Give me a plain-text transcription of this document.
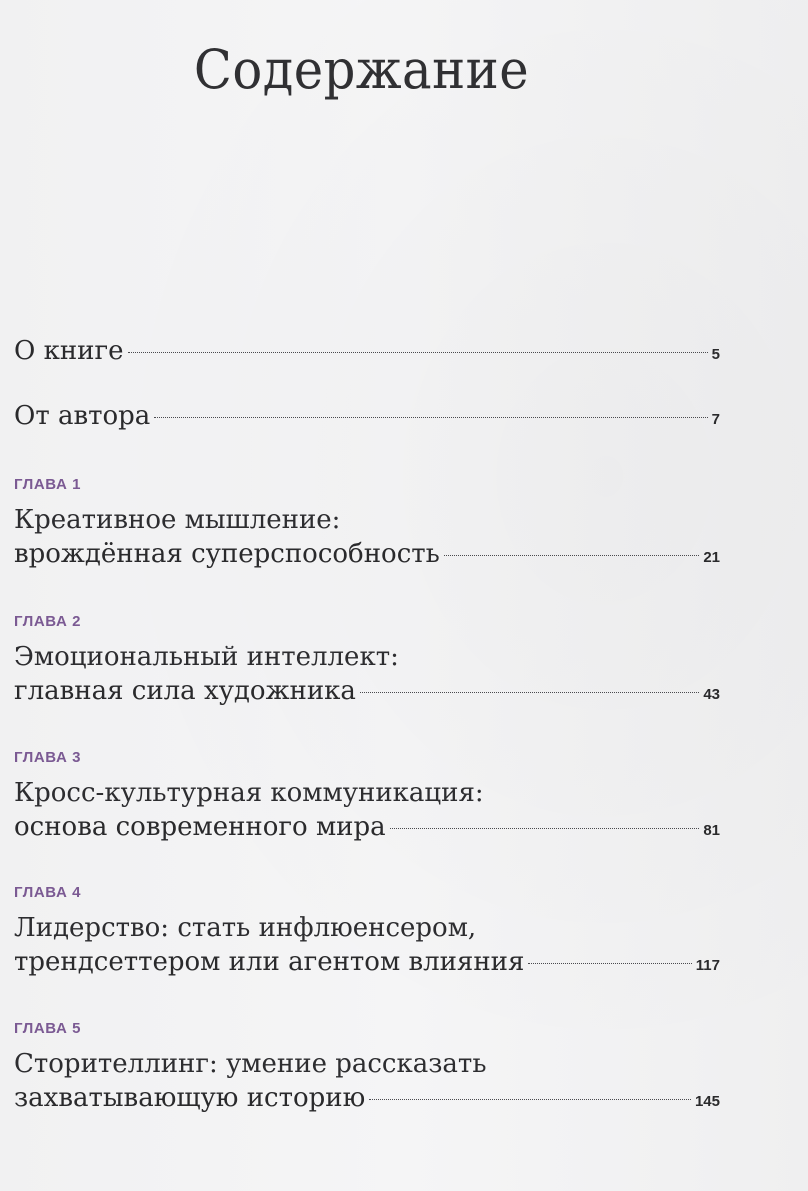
Содержание
О книге	5
От автора	7
ГЛАВА 1
Креативное мышление:
врождённая суперспособность	21
ГЛАВА 2
Эмоциональный интеллект:
главная сила художника	43
ГЛАВА 3
Кросс-культурная коммуникация:
основа современного мира	81
ГЛАВА 4
Лидерство: стать инфлюенсером,
трендсеттером или агентом влияния	117
ГЛАВА 5
Сторителлинг: умение рассказать
захватывающую историю	145
